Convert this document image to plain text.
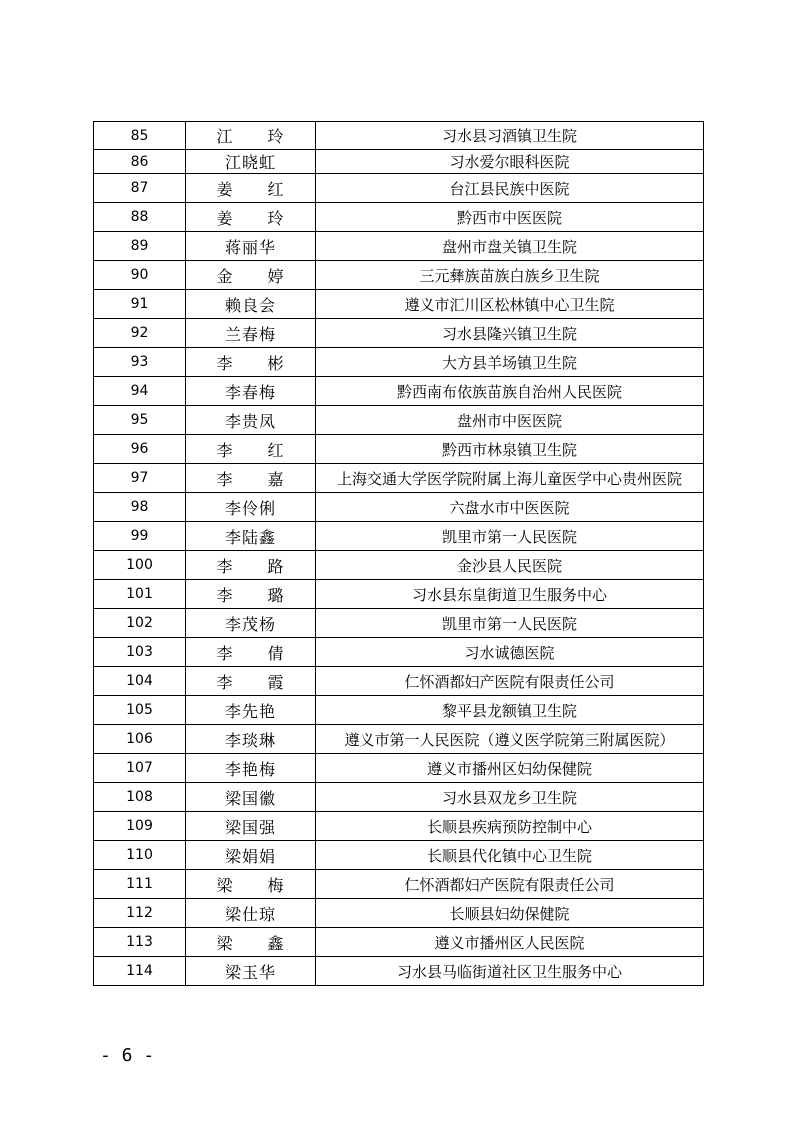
85	江　　玲	习水县习酒镇卫生院
86	江晓虹	习水爱尔眼科医院
87	姜　　红	台江县民族中医院
88	姜　　玲	黔西市中医医院
89	蒋丽华	盘州市盘关镇卫生院
90	金　　婷	三元彝族苗族白族乡卫生院
91	赖良会	遵义市汇川区松林镇中心卫生院
92	兰春梅	习水县隆兴镇卫生院
93	李　　彬	大方县羊场镇卫生院
94	李春梅	黔西南布依族苗族自治州人民医院
95	李贵凤	盘州市中医医院
96	李　　红	黔西市林泉镇卫生院
97	李　　嘉	上海交通大学医学院附属上海儿童医学中心贵州医院
98	李伶俐	六盘水市中医医院
99	李陆鑫	凯里市第一人民医院
100	李　　路	金沙县人民医院
101	李　　璐	习水县东皇街道卫生服务中心
102	李茂杨	凯里市第一人民医院
103	李　　倩	习水诚德医院
104	李　　霞	仁怀酒都妇产医院有限责任公司
105	李先艳	黎平县龙额镇卫生院
106	李琰琳	遵义市第一人民医院（遵义医学院第三附属医院）
107	李艳梅	遵义市播州区妇幼保健院
108	梁国徽	习水县双龙乡卫生院
109	梁国强	长顺县疾病预防控制中心
110	梁娟娟	长顺县代化镇中心卫生院
111	梁　　梅	仁怀酒都妇产医院有限责任公司
112	梁仕琼	长顺县妇幼保健院
113	梁　　鑫	遵义市播州区人民医院
114	梁玉华	习水县马临街道社区卫生服务中心
- 6 -
